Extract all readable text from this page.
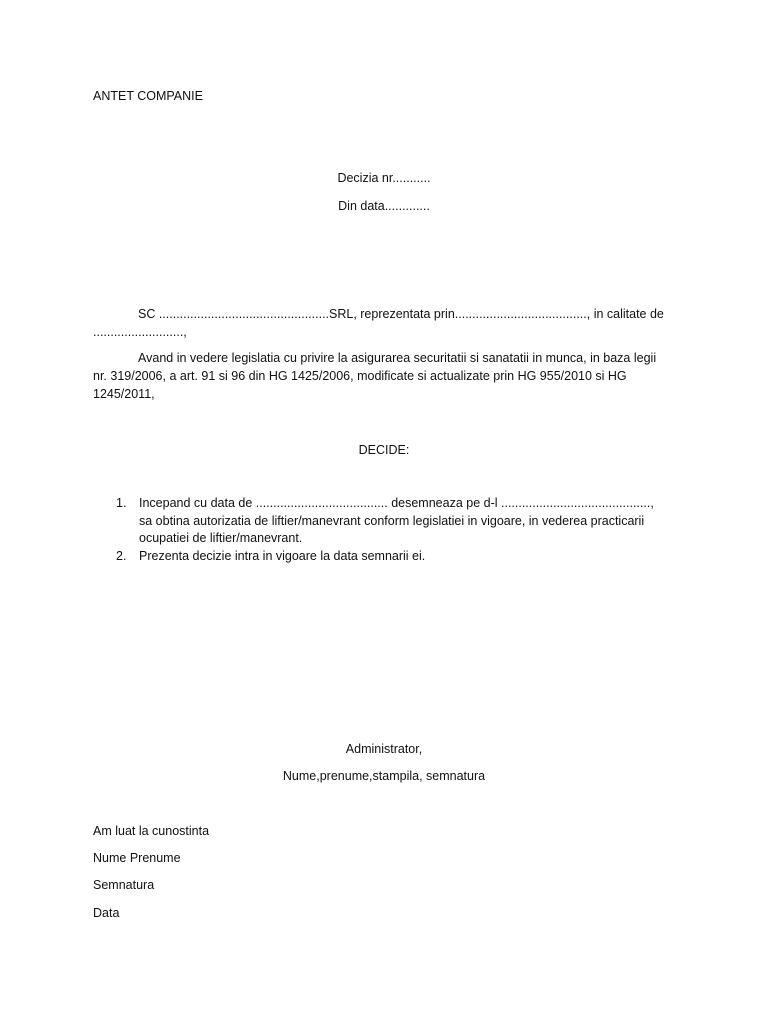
ANTET COMPANIE
Decizia nr...........
Din data.............
SC .................................................SRL, reprezentata prin......................................, in calitate de ..........................,
Avand in vedere legislatia cu privire la asigurarea securitatii si sanatatii in munca, in baza legii nr. 319/2006, a art. 91 si 96 din HG 1425/2006, modificate si actualizate prin HG 955/2010 si HG 1245/2011,
DECIDE:
1. Incepand cu data de ...................................... desemneaza pe d-l ..........................................., sa obtina autorizatia de liftier/manevrant conform legislatiei in vigoare, in vederea practicarii ocupatiei de liftier/manevrant.
2. Prezenta decizie intra in vigoare la data semnarii ei.
Administrator,
Nume,prenume,stampila, semnatura
Am luat la cunostinta
Nume Prenume
Semnatura
Data
